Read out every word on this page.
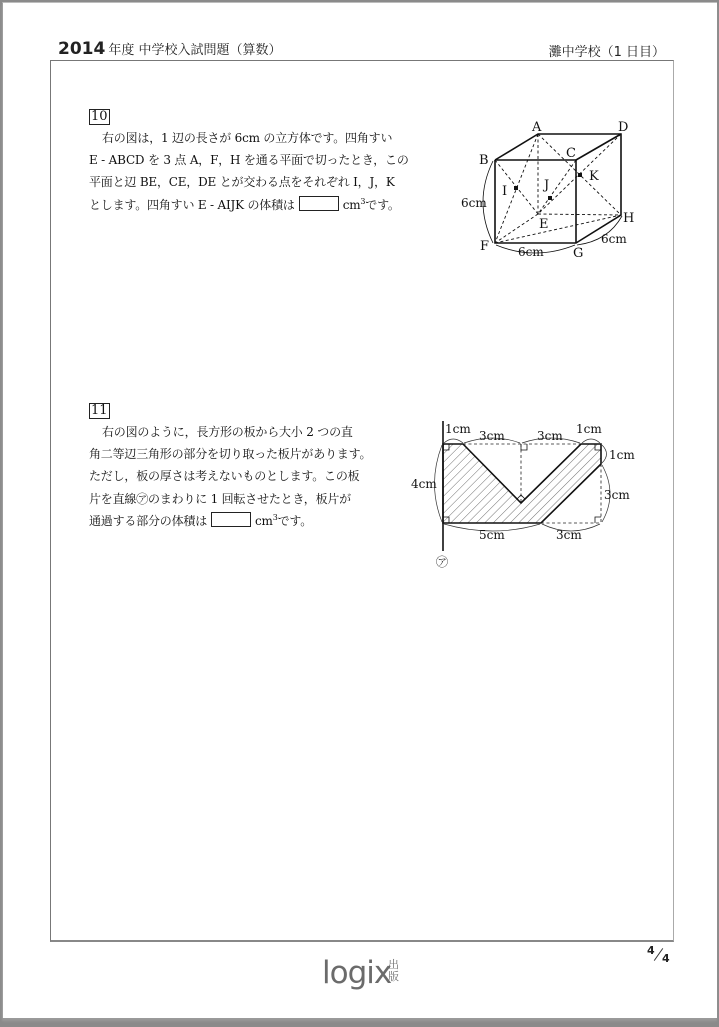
2014 年度 中学校入試問題（算数）	灘中学校（1 日目）
10
右の図は，1 辺の長さが 6cm の立方体です。四角すい
E - ABCD を 3 点 A，F，H を通る平面で切ったとき，この
平面と辺 BE，CE，DE とが交わる点をそれぞれ I，J，K
とします。四角すい E - AIJK の体積は	$cm^3$です。
A
B	C
D
E
F	G
H
I	J
K
6cm
6cm
6cm
11
右の図のように，長方形の板から大小 2 つの直
角二等辺三角形の部分を切り取った板片があります。
ただし，板の厚さは考えないものとします。この板
片を直線㋐のまわりに 1 回転させたとき，板片が
通過する部分の体積は	$cm^3$です。
1cm 3cm	3cm 1cm
1cm
3cm
4cm
5cm	3cm
㋐
4
4
logix
出
版
